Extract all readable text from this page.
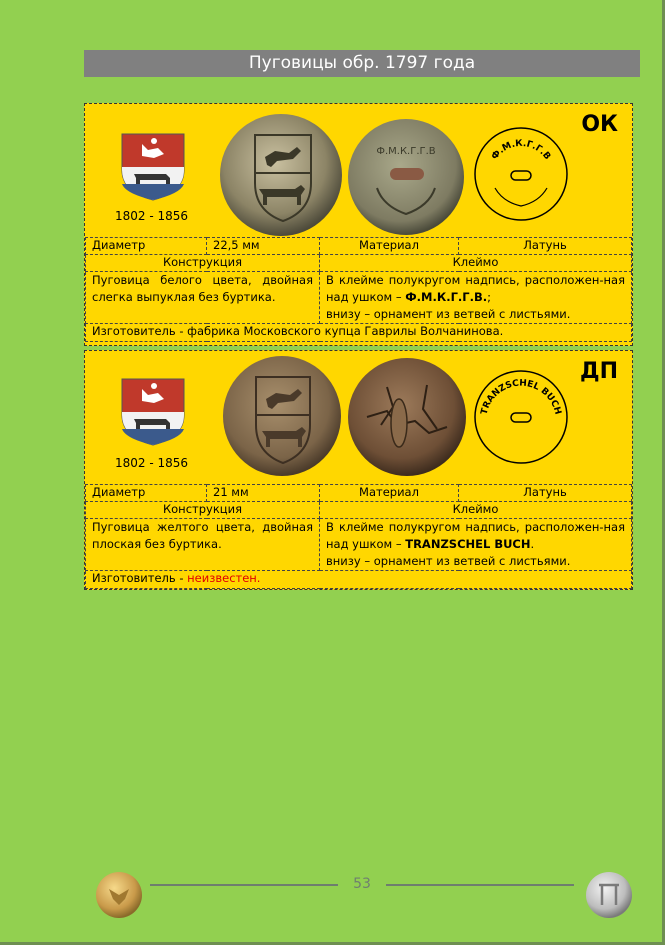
Пуговицы обр. 1797 года
1802 - 1856
Ф.М.К.Г.Г.В	Ф.М.К.Г.Г.В
ОК
Диаметр	22,5 мм	Материал	Латунь
Конструкция		Клеймо	
Пуговица белого цвета, двойная слегка выпуклая без буртика.		В клейме полукругом надпись, расположен-ная над ушком – Ф.М.К.Г.Г.В.;
внизу – орнамент из ветвей с листьями.	
Изготовитель - фабрика Московского купца Гаврилы Волчанинова.			
1802 - 1856
TRANZSCHEL BUCH
ДП
Диаметр	21 мм	Материал	Латунь
Конструкция		Клеймо	
Пуговица желтого цвета, двойная плоская без буртика.		В клейме полукругом надпись, расположен-ная над ушком – TRANZSCHEL BUCH.
внизу – орнамент из ветвей с листьями.	
Изготовитель - неизвестен.			
53
